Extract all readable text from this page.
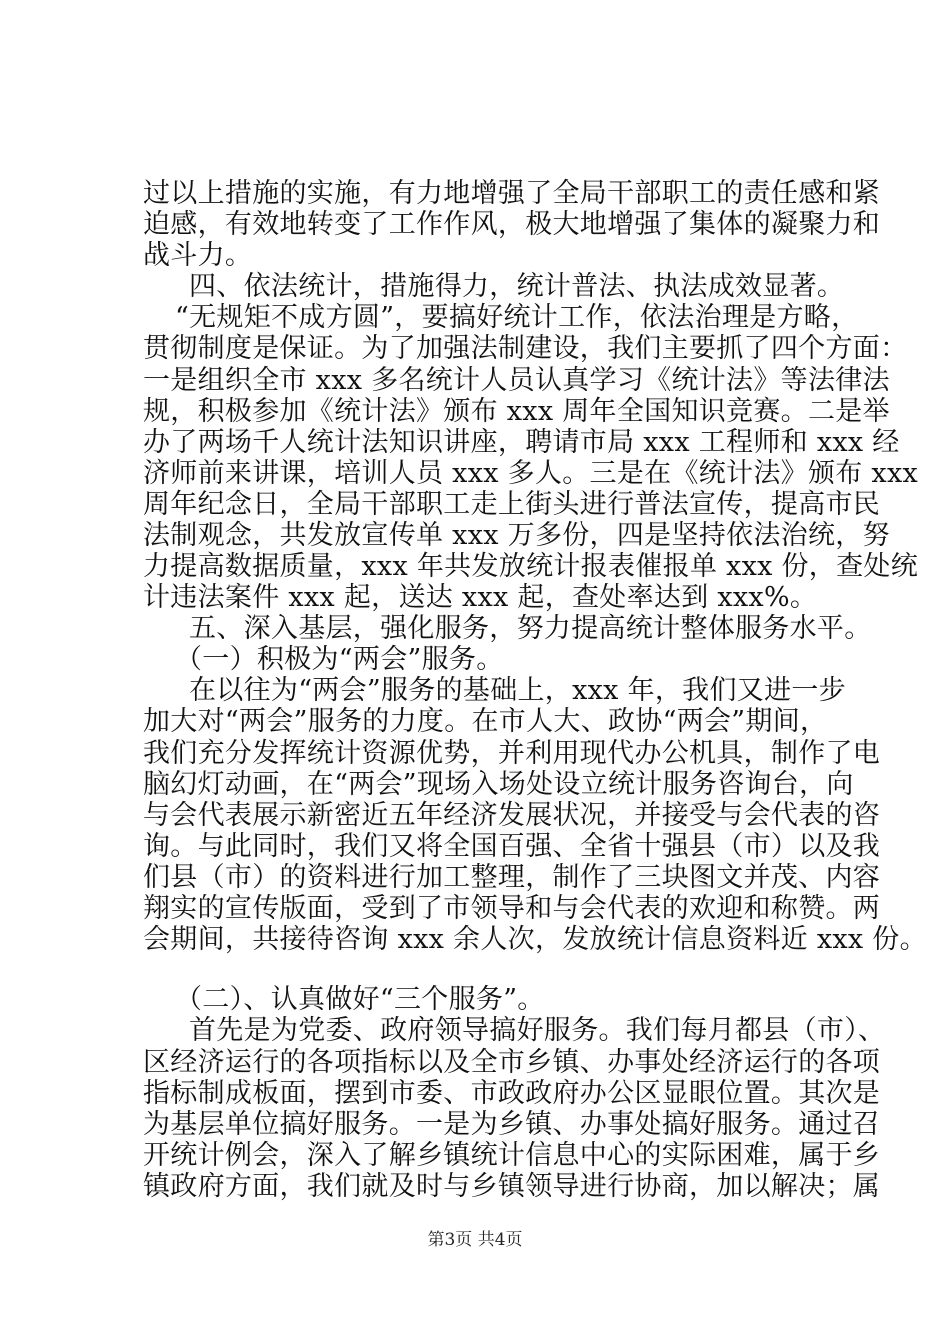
过以上措施的实施，有力地增强了全局干部职工的责任感和紧
迫感，有效地转变了工作作风，极大地增强了集体的凝聚力和
战斗力。
四、依法统计，措施得力，统计普法、执法成效显著。
“无规矩不成方圆”，要搞好统计工作，依法治理是方略，
贯彻制度是保证。为了加强法制建设，我们主要抓了四个方面：
一是组织全市 xxx 多名统计人员认真学习《统计法》等法律法
规，积极参加《统计法》颁布 xxx 周年全国知识竞赛。二是举
办了两场千人统计法知识讲座，聘请市局 xxx 工程师和 xxx 经
济师前来讲课，培训人员 xxx 多人。三是在《统计法》颁布 xxx
周年纪念日，全局干部职工走上街头进行普法宣传，提高市民
法制观念，共发放宣传单 xxx 万多份，四是坚持依法治统，努
力提高数据质量，xxx 年共发放统计报表催报单 xxx 份，查处统
计违法案件 xxx 起，送达 xxx 起，查处率达到 xxx%。
五、深入基层，强化服务，努力提高统计整体服务水平。
（一）积极为“两会”服务。
在以往为“两会”服务的基础上，xxx 年，我们又进一步
加大对“两会”服务的力度。在市人大、政协“两会”期间，
我们充分发挥统计资源优势，并利用现代办公机具，制作了电
脑幻灯动画，在“两会”现场入场处设立统计服务咨询台，向
与会代表展示新密近五年经济发展状况，并接受与会代表的咨
询。与此同时，我们又将全国百强、全省十强县（市）以及我
们县（市）的资料进行加工整理，制作了三块图文并茂、内容
翔实的宣传版面，受到了市领导和与会代表的欢迎和称赞。两
会期间，共接待咨询 xxx 余人次，发放统计信息资料近 xxx 份。
（二）、认真做好“三个服务”。
首先是为党委、政府领导搞好服务。我们每月都县（市）、
区经济运行的各项指标以及全市乡镇、办事处经济运行的各项
指标制成板面，摆到市委、市政政府办公区显眼位置。其次是
为基层单位搞好服务。一是为乡镇、办事处搞好服务。通过召
开统计例会，深入了解乡镇统计信息中心的实际困难，属于乡
镇政府方面，我们就及时与乡镇领导进行协商，加以解决；属
第3页 共4页
